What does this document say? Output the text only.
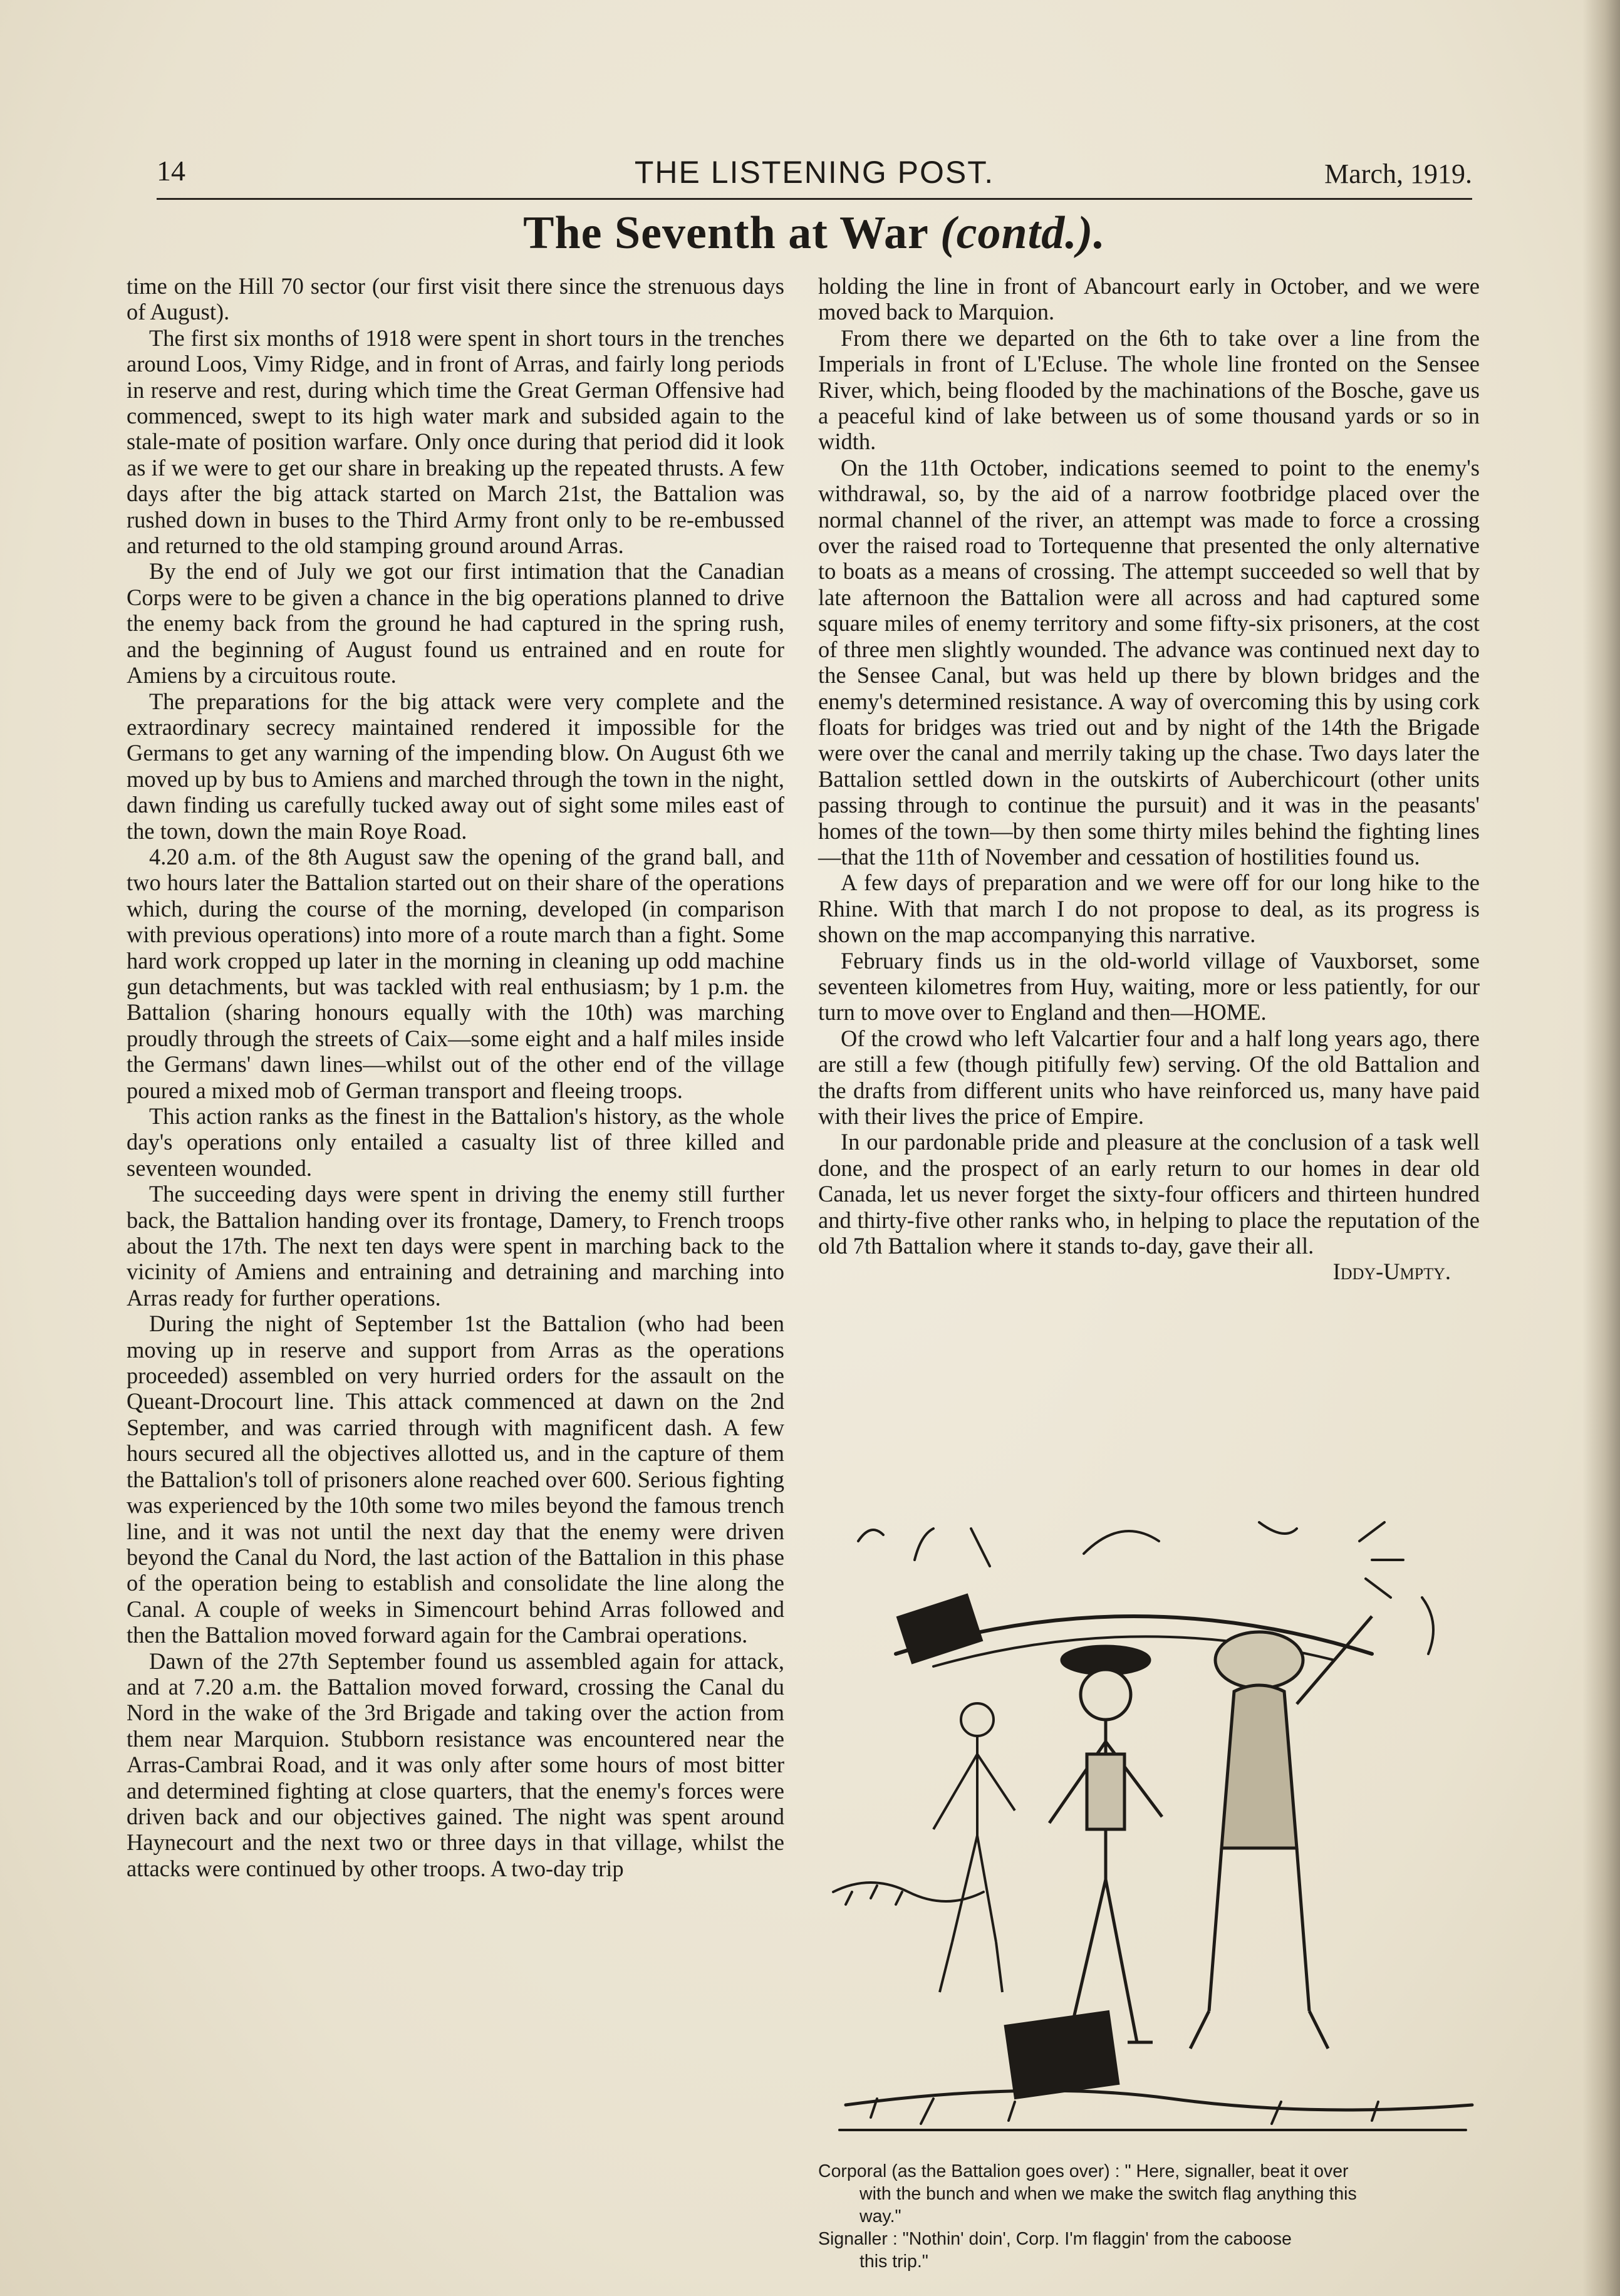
14	THE LISTENING POST.	March, 1919.
The Seventh at War (contd.).

time on the Hill 70 sector (our first visit there since the strenuous days of August).

The first six months of 1918 were spent in short tours in the trenches around Loos, Vimy Ridge, and in front of Arras, and fairly long periods in reserve and rest, during which time the Great German Offensive had commenced, swept to its high water mark and subsided again to the stale-mate of position warfare. Only once during that period did it look as if we were to get our share in breaking up the repeated thrusts. A few days after the big attack started on March 21st, the Battalion was rushed down in buses to the Third Army front only to be re-embussed and returned to the old stamping ground around Arras.

By the end of July we got our first intimation that the Canadian Corps were to be given a chance in the big operations planned to drive the enemy back from the ground he had captured in the spring rush, and the beginning of August found us entrained and en route for Amiens by a circuitous route.

The preparations for the big attack were very complete and the extraordinary secrecy maintained rendered it impossible for the Germans to get any warning of the impending blow. On August 6th we moved up by bus to Amiens and marched through the town in the night, dawn finding us carefully tucked away out of sight some miles east of the town, down the main Roye Road.

4.20 a.m. of the 8th August saw the opening of the grand ball, and two hours later the Battalion started out on their share of the operations which, during the course of the morning, developed (in comparison with previous operations) into more of a route march than a fight. Some hard work cropped up later in the morning in cleaning up odd machine gun detachments, but was tackled with real enthusiasm; by 1 p.m. the Battalion (sharing honours equally with the 10th) was marching proudly through the streets of Caix—some eight and a half miles inside the Germans' dawn lines—whilst out of the other end of the village poured a mixed mob of German transport and fleeing troops.

This action ranks as the finest in the Battalion's history, as the whole day's operations only entailed a casualty list of three killed and seventeen wounded.

The succeeding days were spent in driving the enemy still further back, the Battalion handing over its frontage, Damery, to French troops about the 17th. The next ten days were spent in marching back to the vicinity of Amiens and entraining and detraining and marching into Arras ready for further operations.

During the night of September 1st the Battalion (who had been moving up in reserve and support from Arras as the operations proceeded) assembled on very hurried orders for the assault on the Queant-Drocourt line. This attack commenced at dawn on the 2nd September, and was carried through with magnificent dash. A few hours secured all the objectives allotted us, and in the capture of them the Battalion's toll of prisoners alone reached over 600. Serious fighting was experienced by the 10th some two miles beyond the famous trench line, and it was not until the next day that the enemy were driven beyond the Canal du Nord, the last action of the Battalion in this phase of the operation being to establish and consolidate the line along the Canal. A couple of weeks in Simencourt behind Arras followed and then the Battalion moved forward again for the Cambrai operations.

Dawn of the 27th September found us assembled again for attack, and at 7.20 a.m. the Battalion moved forward, crossing the Canal du Nord in the wake of the 3rd Brigade and taking over the action from them near Marquion. Stubborn resistance was encountered near the Arras-Cambrai Road, and it was only after some hours of most bitter and determined fighting at close quarters, that the enemy's forces were driven back and our objectives gained. The night was spent around Haynecourt and the next two or three days in that village, whilst the attacks were continued by other troops. A two-day trip

holding the line in front of Abancourt early in October, and we were moved back to Marquion.

From there we departed on the 6th to take over a line from the Imperials in front of L'Ecluse. The whole line fronted on the Sensee River, which, being flooded by the machinations of the Bosche, gave us a peaceful kind of lake between us of some thousand yards or so in width.

On the 11th October, indications seemed to point to the enemy's withdrawal, so, by the aid of a narrow footbridge placed over the normal channel of the river, an attempt was made to force a crossing over the raised road to Tortequenne that presented the only alternative to boats as a means of crossing. The attempt succeeded so well that by late afternoon the Battalion were all across and had captured some square miles of enemy territory and some fifty-six prisoners, at the cost of three men slightly wounded. The advance was continued next day to the Sensee Canal, but was held up there by blown bridges and the enemy's determined resistance. A way of overcoming this by using cork floats for bridges was tried out and by night of the 14th the Brigade were over the canal and merrily taking up the chase. Two days later the Battalion settled down in the outskirts of Auberchicourt (other units passing through to continue the pursuit) and it was in the peasants' homes of the town—by then some thirty miles behind the fighting lines—that the 11th of November and cessation of hostilities found us.

A few days of preparation and we were off for our long hike to the Rhine. With that march I do not propose to deal, as its progress is shown on the map accompanying this narrative.

February finds us in the old-world village of Vauxborset, some seventeen kilometres from Huy, waiting, more or less patiently, for our turn to move over to England and then—HOME.

Of the crowd who left Valcartier four and a half long years ago, there are still a few (though pitifully few) serving. Of the old Battalion and the drafts from different units who have reinforced us, many have paid with their lives the price of Empire.

In our pardonable pride and pleasure at the conclusion of a task well done, and the prospect of an early return to our homes in dear old Canada, let us never forget the sixty-four officers and thirteen hundred and thirty-five other ranks who, in helping to place the reputation of the old 7th Battalion where it stands to-day, gave their all.

Iddy-Umpty.

Corporal (as the Battalion goes over) : " Here, signaller, beat it over
with the bunch and when we make the switch flag anything this
way."
Signaller : "Nothin' doin', Corp. I'm flaggin' from the caboose
this trip."
